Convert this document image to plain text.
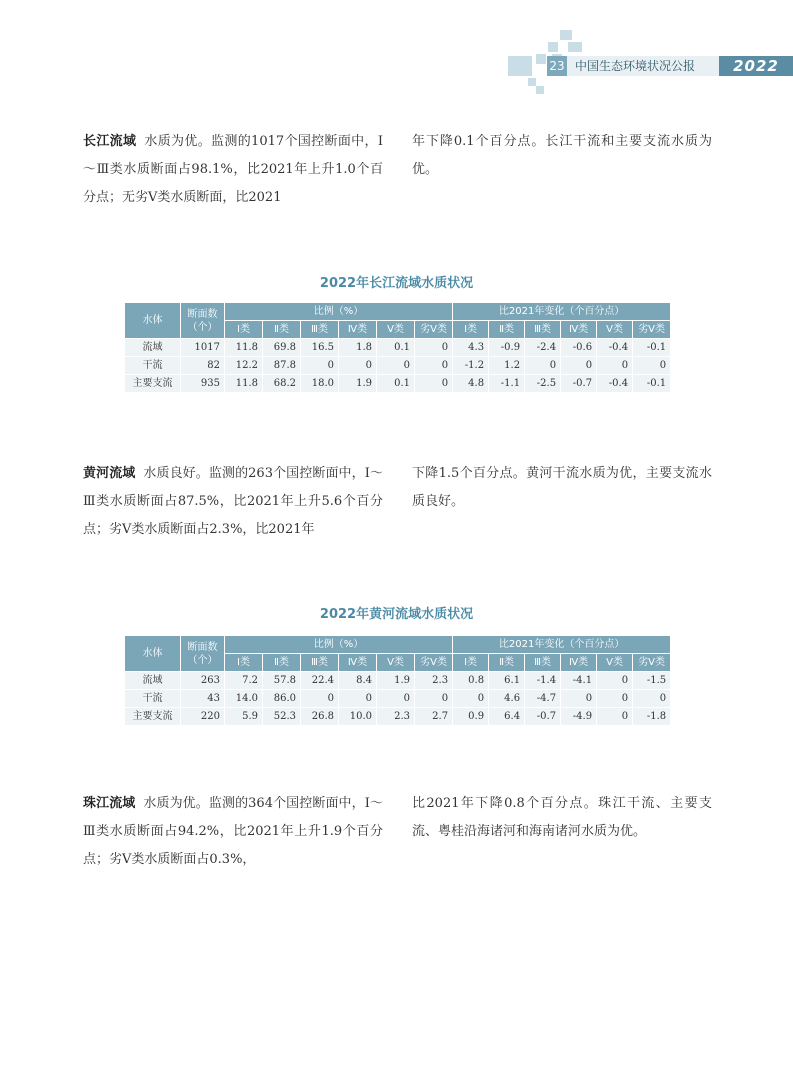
23 中国生态环境状况公报	2022
长江流域 水质为优。监测的1017个国控断面中，Ⅰ～Ⅲ类水质断面占98.1%，比2021年上升1.0个百分点；无劣Ⅴ类水质断面，比2021
年下降0.1个百分点。长江干流和主要支流水质为优。
2022年长江流域水质状况
水体	断面数（个）	比例（%）						比2021年变化（个百分点）					
		Ⅰ类	Ⅱ类	Ⅲ类	Ⅳ类	Ⅴ类	劣Ⅴ类	Ⅰ类	Ⅱ类	Ⅲ类	Ⅳ类	Ⅴ类	劣Ⅴ类
流域	1017	11.8	69.8	16.5	1.8	0.1	0	4.3	-0.9	-2.4	-0.6	-0.4	-0.1
干流	82	12.2	87.8	0	0	0	0	-1.2	1.2	0	0	0	0
主要支流	935	11.8	68.2	18.0	1.9	0.1	0	4.8	-1.1	-2.5	-0.7	-0.4	-0.1
黄河流域 水质良好。监测的263个国控断面中，Ⅰ～Ⅲ类水质断面占87.5%，比2021年上升5.6个百分点；劣Ⅴ类水质断面占2.3%，比2021年
下降1.5个百分点。黄河干流水质为优，主要支流水质良好。
2022年黄河流域水质状况
水体	断面数（个）	比例（%）						比2021年变化（个百分点）					
		Ⅰ类	Ⅱ类	Ⅲ类	Ⅳ类	Ⅴ类	劣Ⅴ类	Ⅰ类	Ⅱ类	Ⅲ类	Ⅳ类	Ⅴ类	劣Ⅴ类
流域	263	7.2	57.8	22.4	8.4	1.9	2.3	0.8	6.1	-1.4	-4.1	0	-1.5
干流	43	14.0	86.0	0	0	0	0	0	4.6	-4.7	0	0	0
主要支流	220	5.9	52.3	26.8	10.0	2.3	2.7	0.9	6.4	-0.7	-4.9	0	-1.8
珠江流域 水质为优。监测的364个国控断面中，Ⅰ～Ⅲ类水质断面占94.2%，比2021年上升1.9个百分点；劣Ⅴ类水质断面占0.3%，
比2021年下降0.8个百分点。珠江干流、主要支流、粤桂沿海诸河和海南诸河水质为优。
